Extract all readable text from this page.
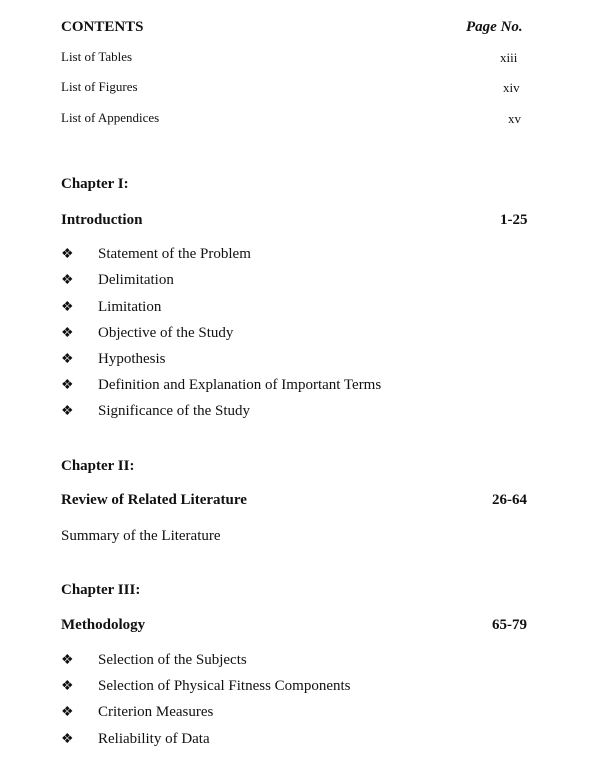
CONTENTS	Page No.
List of Tables	xiii
List of Figures	xiv
List of Appendices	xv
Chapter I:
Introduction	1-25
❖ Statement of the Problem
❖ Delimitation
❖ Limitation
❖ Objective of the Study
❖ Hypothesis
❖ Definition and Explanation of Important Terms
❖ Significance of the Study
Chapter II:
Review of Related Literature	26-64
Summary of the Literature
Chapter III:
Methodology	65-79
❖ Selection of the Subjects
❖ Selection of Physical Fitness Components
❖ Criterion Measures
❖ Reliability of Data
